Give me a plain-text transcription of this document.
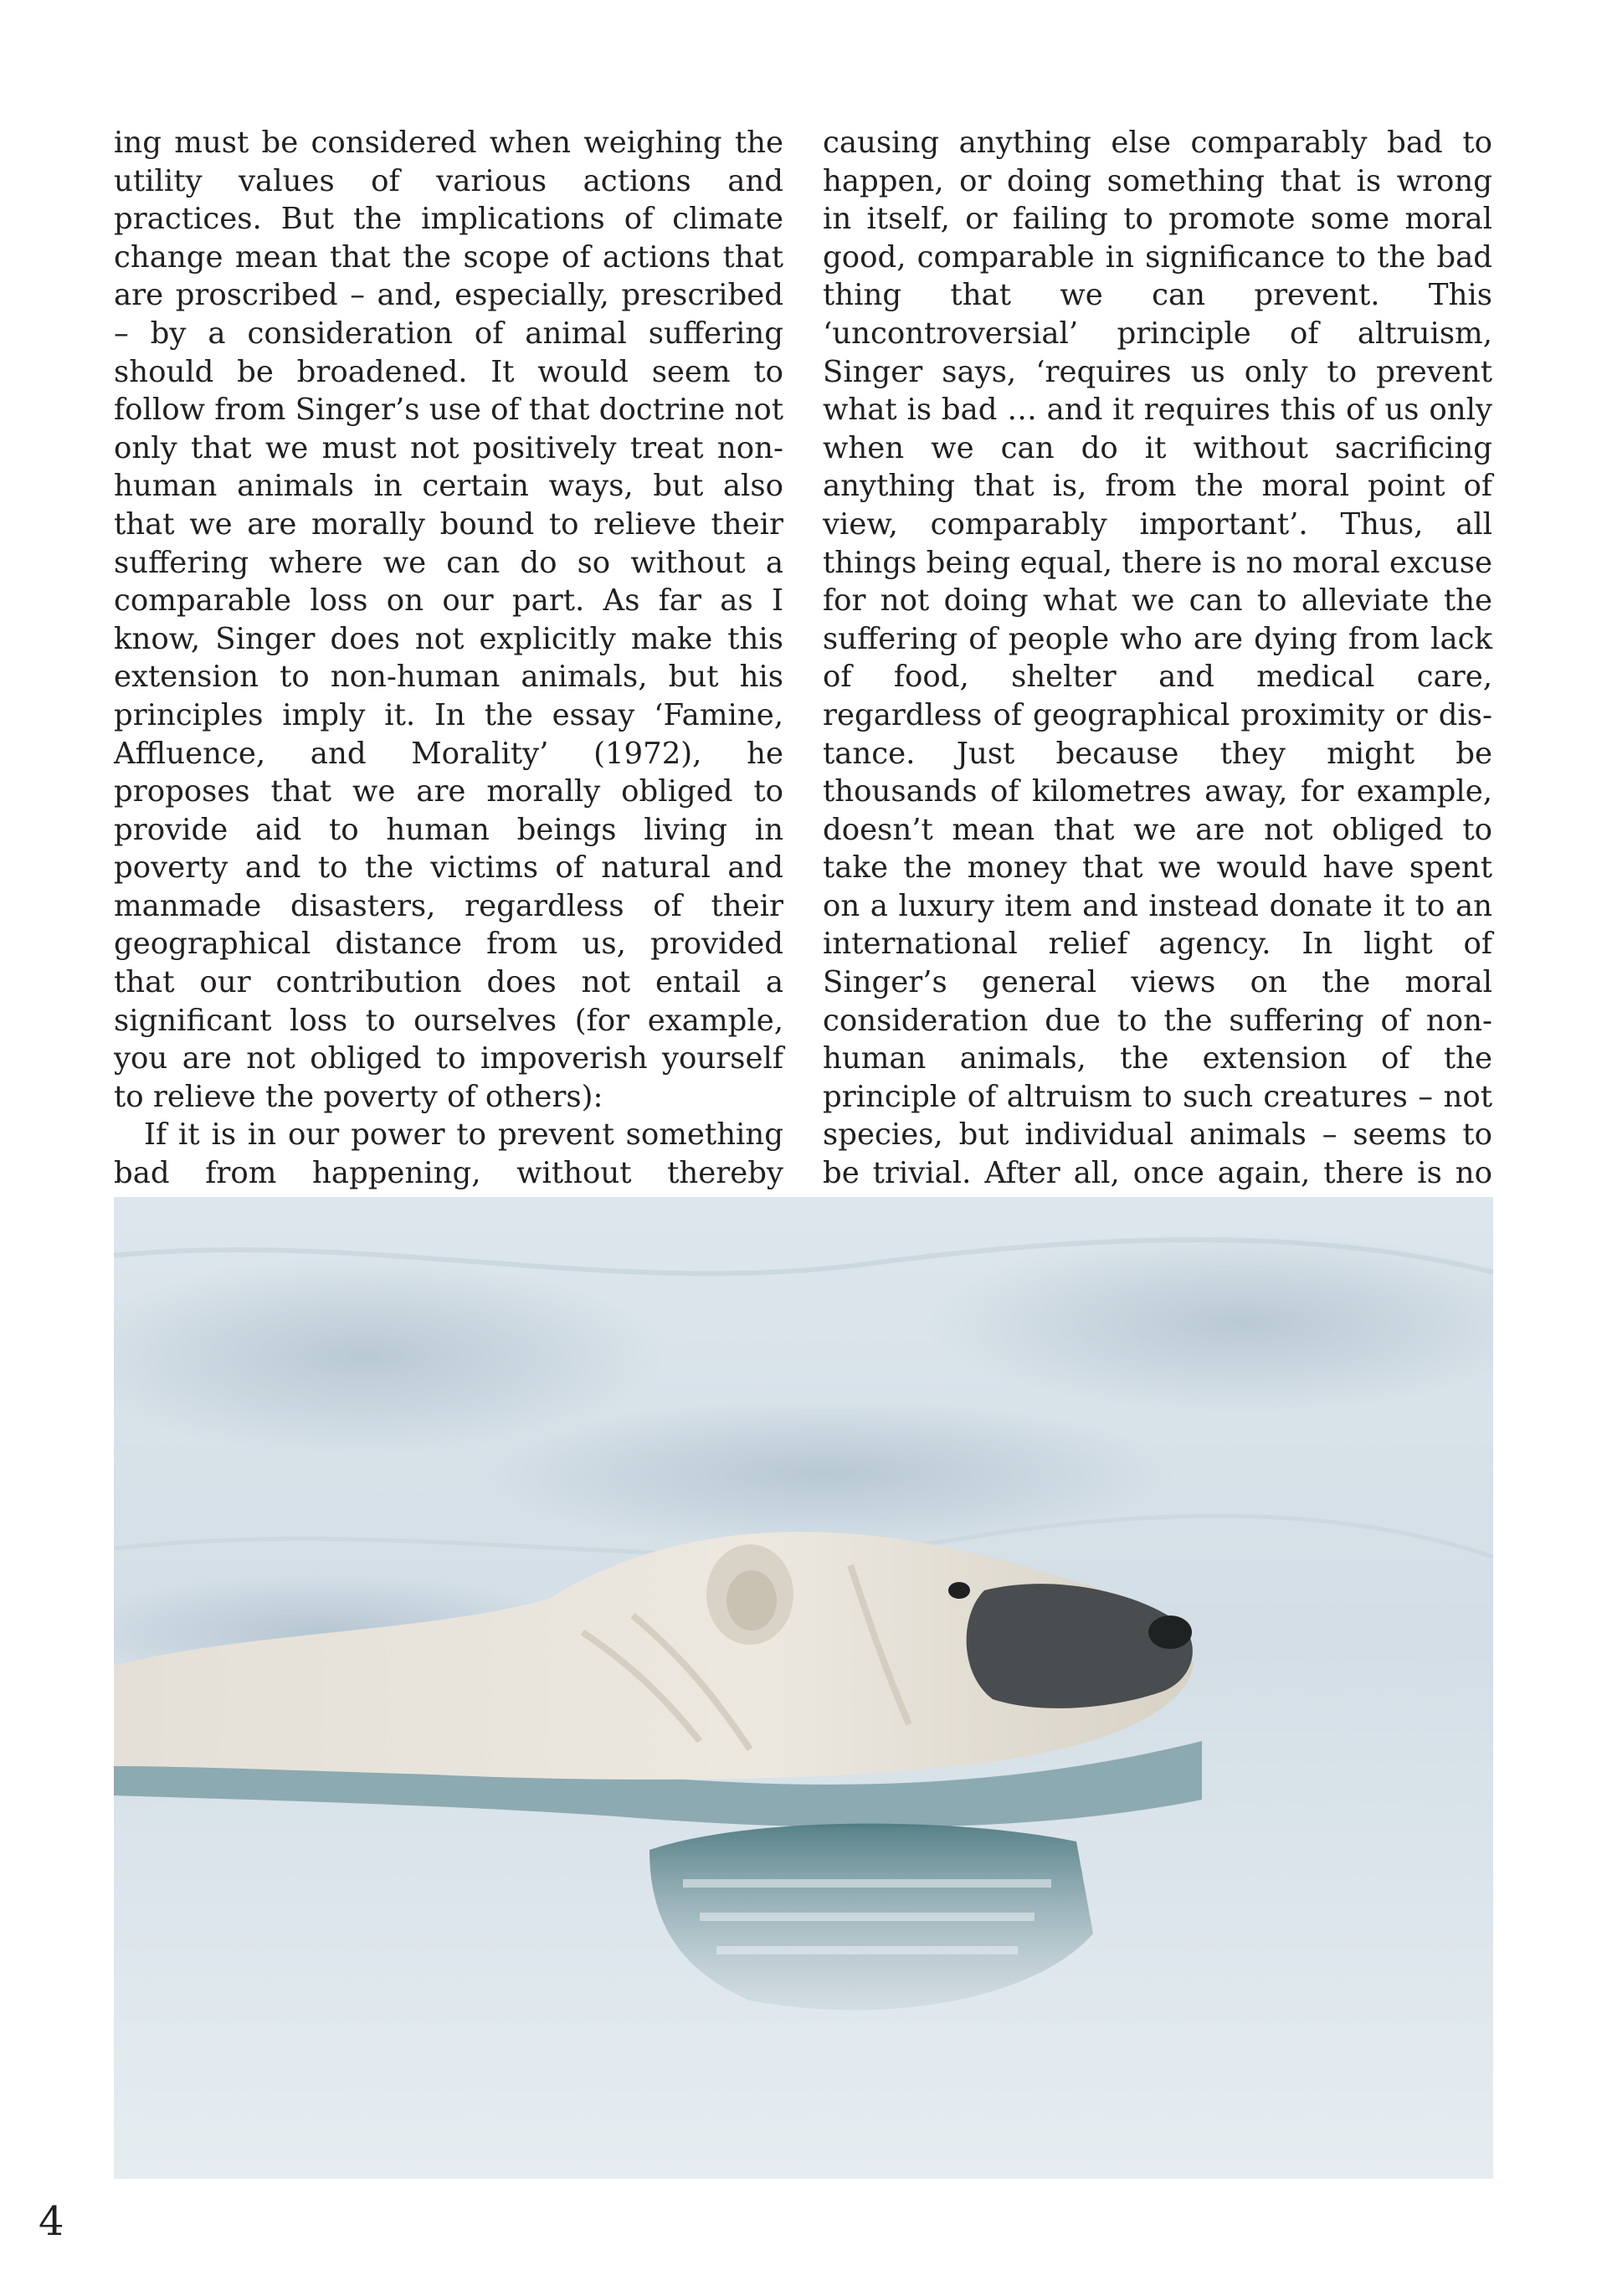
ing must be considered when weighing the utility values of various actions and practices. But the implications of climate change mean that the scope of actions that are proscribed – and, especially, prescribed – by a consideration of animal suffering should be broadened. It would seem to follow from Singer’s use of that doctrine not only that we must not positively treat non-human animals in certain ways, but also that we are morally bound to relieve their suffering where we can do so without a comparable loss on our part. As far as I know, Singer does not explicitly make this extension to non-human animals, but his principles imply it. In the essay ‘Famine, Affluence, and Morality’ (1972), he proposes that we are morally obliged to provide aid to human beings living in poverty and to the victims of natural and manmade disasters, regardless of their geographical distance from us, provided that our contribution does not entail a significant loss to ourselves (for example, you are not obliged to impoverish yourself to relieve the poverty of others):

If it is in our power to prevent something bad from happening, without thereby

causing anything else comparably bad to happen, or doing something that is wrong in itself, or failing to promote some moral good, comparable in significance to the bad thing that we can prevent. This ‘uncontroversial’ principle of altruism, Singer says, ‘requires us only to prevent what is bad … and it requires this of us only when we can do it without sacrificing anything that is, from the moral point of view, comparably important’. Thus, all things being equal, there is no moral excuse for not doing what we can to alleviate the suffering of people who are dying from lack of food, shelter and medical care, regardless of geographical proximity or distance. Just because they might be thousands of kilometres away, for example, doesn’t mean that we are not obliged to take the money that we would have spent on a luxury item and instead donate it to an international relief agency. In light of Singer’s general views on the moral consideration due to the suffering of non-human animals, the extension of the principle of altruism to such creatures – not species, but individual animals – seems to be trivial. After all, once again, there is no

4
